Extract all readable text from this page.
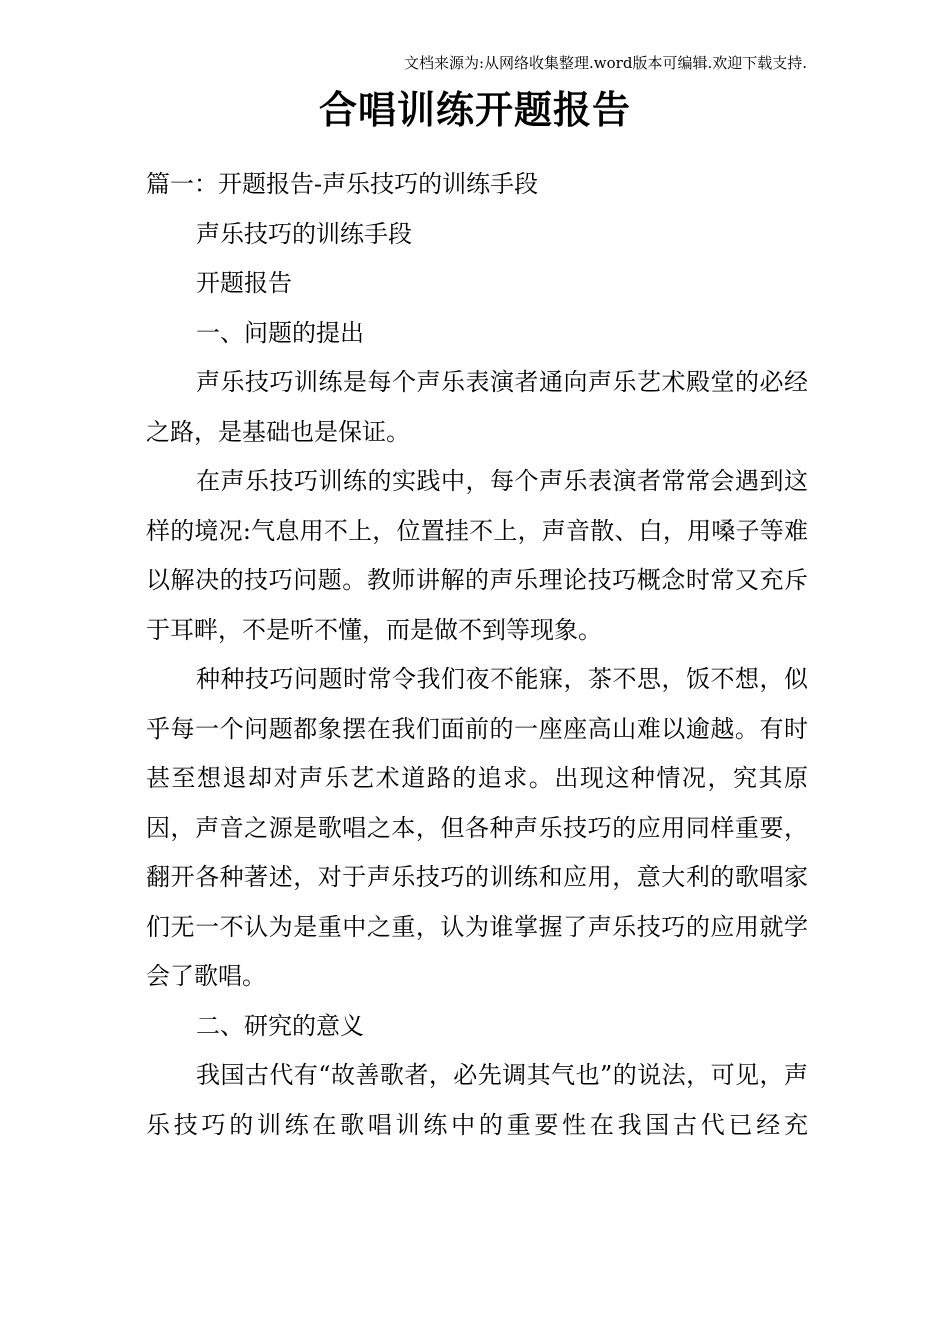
文档来源为:从网络收集整理.word版本可编辑.欢迎下载支持.
合唱训练开题报告

篇一：开题报告-声乐技巧的训练手段

声乐技巧的训练手段

开题报告

一、问题的提出

声乐技巧训练是每个声乐表演者通向声乐艺术殿堂的必经之路，是基础也是保证。

在声乐技巧训练的实践中，每个声乐表演者常常会遇到这样的境况:气息用不上，位置挂不上，声音散、白，用嗓子等难以解决的技巧问题。教师讲解的声乐理论技巧概念时常又充斥于耳畔，不是听不懂，而是做不到等现象。

种种技巧问题时常令我们夜不能寐，茶不思，饭不想，似乎每一个问题都象摆在我们面前的一座座高山难以逾越。有时甚至想退却对声乐艺术道路的追求。出现这种情况，究其原因，声音之源是歌唱之本，但各种声乐技巧的应用同样重要，翻开各种著述，对于声乐技巧的训练和应用，意大利的歌唱家们无一不认为是重中之重，认为谁掌握了声乐技巧的应用就学会了歌唱。

二、研究的意义

我国古代有“故善歌者，必先调其气也”的说法，可见，声乐技巧的训练在歌唱训练中的重要性在我国古代已经充
